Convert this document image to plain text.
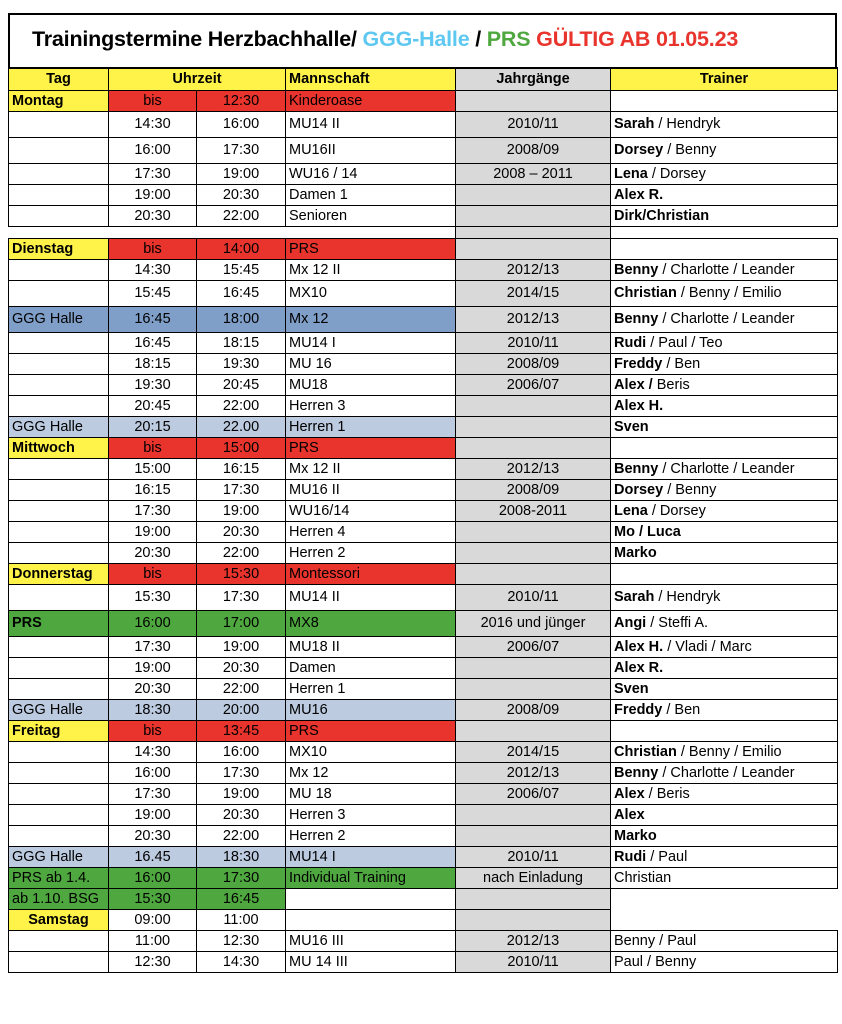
Trainingstermine Herzbachhalle/ GGG-Halle / PRS GÜLTIG AB 01.05.23
Tag	Uhrzeit		Mannschaft	Jahrgänge	Trainer
Montag	bis	12:30	Kinderoase		
	14:30	16:00	MU14 II	2010/11	Sarah / Hendryk
	16:00	17:30	MU16II	2008/09	Dorsey / Benny
	17:30	19:00	WU16 / 14	2008 – 2011	Lena / Dorsey
	19:00	20:30	Damen 1		Alex R.
	20:30	22:00	Senioren		Dirk/Christian

Dienstag	bis	14:00	PRS		
	14:30	15:45	Mx 12 II	2012/13	Benny / Charlotte / Leander
	15:45	16:45	MX10	2014/15	Christian / Benny / Emilio
GGG Halle	16:45	18:00	Mx 12	2012/13	Benny / Charlotte / Leander
	16:45	18:15	MU14 I	2010/11	Rudi / Paul / Teo
	18:15	19:30	MU 16	2008/09	Freddy / Ben
	19:30	20:45	MU18	2006/07	Alex / Beris
	20:45	22:00	Herren 3		Alex H.
GGG Halle	20:15	22.00	Herren 1		Sven
Mittwoch	bis	15:00	PRS		
	15:00	16:15	Mx 12 II	2012/13	Benny / Charlotte / Leander
	16:15	17:30	MU16 II	2008/09	Dorsey / Benny
	17:30	19:00	WU16/14	2008-2011	Lena / Dorsey
	19:00	20:30	Herren 4		Mo / Luca
	20:30	22:00	Herren 2		Marko
Donnerstag	bis	15:30	Montessori		
	15:30	17:30	MU14 II	2010/11	Sarah / Hendryk
PRS	16:00	17:00	MX8	2016 und jünger	Angi / Steffi A.
	17:30	19:00	MU18 II	2006/07	Alex H. / Vladi / Marc
	19:00	20:30	Damen		Alex R.
	20:30	22:00	Herren 1		Sven
GGG Halle	18:30	20:00	MU16	2008/09	Freddy / Ben
Freitag	bis	13:45	PRS		
	14:30	16:00	MX10	2014/15	Christian / Benny / Emilio
	16:00	17:30	Mx 12	2012/13	Benny / Charlotte / Leander
	17:30	19:00	MU 18	2006/07	Alex / Beris
	19:00	20:30	Herren 3		Alex
	20:30	22:00	Herren 2		Marko
GGG Halle	16.45	18:30	MU14 I	2010/11	Rudi / Paul
PRS ab 1.4.	16:00	17:30	Individual Training	nach Einladung	Christian
ab 1.10. BSG	15:30	16:45			
Samstag	09:00	11:00			
	11:00	12:30	MU16 III	2012/13	Benny / Paul
	12:30	14:30	MU 14 III	2010/11	Paul / Benny
